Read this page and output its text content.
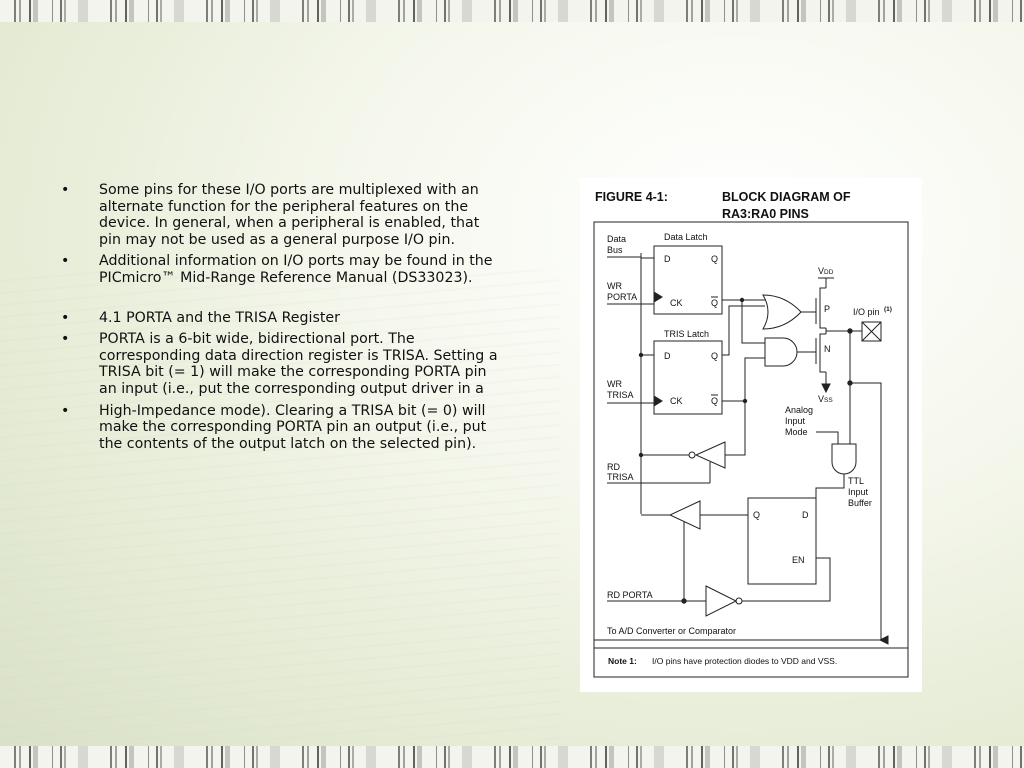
• Some pins for these I/O ports are multiplexed with an alternate function for the peripheral features on the device. In general, when a peripheral is enabled, that pin may not be used as a general purpose I/O pin.
• Additional information on I/O ports may be found in the PICmicro™ Mid-Range Reference Manual (DS33023).
• 4.1 PORTA and the TRISA Register
• PORTA is a 6-bit wide, bidirectional port. The corresponding data direction register is TRISA. Setting a TRISA bit (= 1) will make the corresponding PORTA pin an input (i.e., put the corresponding output driver in a
• High-Impedance mode). Clearing a TRISA bit (= 0) will make the corresponding PORTA pin an output (i.e., put the contents of the output latch on the selected pin).
FIGURE 4-1:	BLOCK DIAGRAM OF
RA3:RA0 PINS
Data
Bus
Data Latch
WR
PORTA
TRIS Latch
WR
TRISA
RD
TRISA
RD PORTA
To A/D Converter or Comparator
D	Q
CK	Q
D	Q
CK	Q
P
VDD
N
VSS
I/O pin (1)
Analog
Input
Mode
TTL
Input
Buffer
Q	D
EN
Note 1: I/O pins have protection diodes to VDD and VSS.
